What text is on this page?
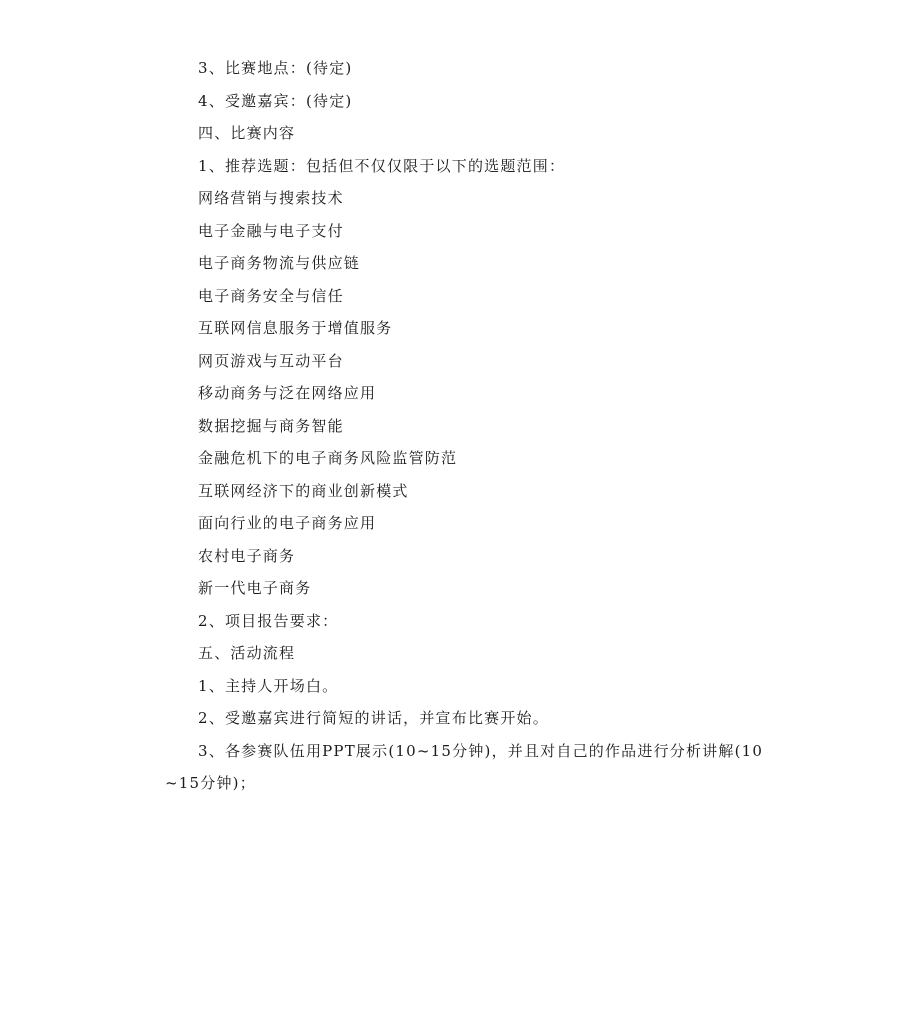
3、比赛地点：(待定)
4、受邀嘉宾：(待定)
四、比赛内容
1、推荐选题：包括但不仅仅限于以下的选题范围：
网络营销与搜索技术
电子金融与电子支付
电子商务物流与供应链
电子商务安全与信任
互联网信息服务于增值服务
网页游戏与互动平台
移动商务与泛在网络应用
数据挖掘与商务智能
金融危机下的电子商务风险监管防范
互联网经济下的商业创新模式
面向行业的电子商务应用
农村电子商务
新一代电子商务
2、项目报告要求：
五、活动流程
1、主持人开场白。
2、受邀嘉宾进行简短的讲话，并宣布比赛开始。
3、各参赛队伍用PPT展示(10~15分钟)，并且对自己的作品进行分析讲解(10~15分钟)；
